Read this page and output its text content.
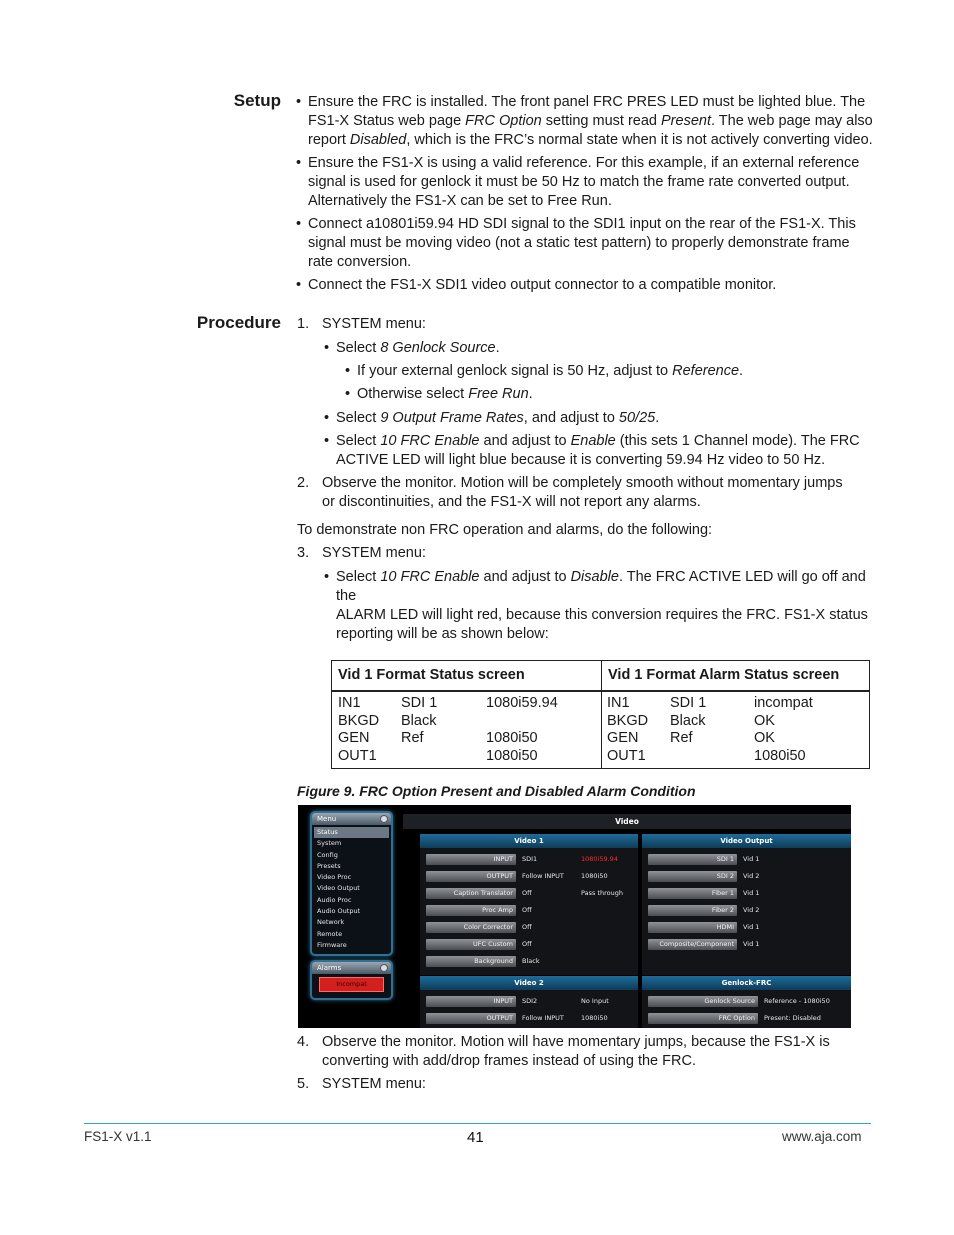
Setup
• Ensure the FRC is installed. The front panel FRC PRES LED must be lighted blue. The
FS1-X Status web page FRC Option setting must read Present. The web page may also
report Disabled, which is the FRC’s normal state when it is not actively converting video.
• Ensure the FS1-X is using a valid reference. For this example, if an external reference
signal is used for genlock it must be 50 Hz to match the frame rate converted output.
Alternatively the FS1-X can be set to Free Run.
• Connect a10801i59.94 HD SDI signal to the SDI1 input on the rear of the FS1-X. This
signal must be moving video (not a static test pattern) to properly demonstrate frame
rate conversion.
• Connect the FS1-X SDI1 video output connector to a compatible monitor.
Procedure 1. SYSTEM menu:
• Select 8 Genlock Source.
• If your external genlock signal is 50 Hz, adjust to Reference.
• Otherwise select Free Run.
• Select 9 Output Frame Rates, and adjust to 50/25.
• Select 10 FRC Enable and adjust to Enable (this sets 1 Channel mode). The FRC
ACTIVE LED will light blue because it is converting 59.94 Hz video to 50 Hz.
2. Observe the monitor. Motion will be completely smooth without momentary jumps
or discontinuities, and the FS1-X will not report any alarms.
To demonstrate non FRC operation and alarms, do the following:
3. SYSTEM menu:
• Select 10 FRC Enable and adjust to Disable. The FRC ACTIVE LED will go off and the
ALARM LED will light red, because this conversion requires the FRC. FS1-X status
reporting will be as shown below:
Vid 1 Format Status screen	Vid 1 Format Alarm Status screen
IN1
BKGD
GEN
OUT1
SDI 1
Black
Ref
1080i59.94
1080i50
1080i50
IN1
BKGD
GEN
OUT1
SDI 1
Black
Ref
incompat
OK
OK
1080i50
Figure 9. FRC Option Present and Disabled Alarm Condition
Menu
Status
System
Config
Presets
Video Proc
Video Output
Audio Proc
Audio Output
Network
Remote
Firmware
Alarms
Incompat
Video
Video 1
INPUT	SDI1	1080i59.94
OUTPUT	Follow INPUT	1080i50
Caption Translator	Off	Pass through
Proc Amp	Off
Color Corrector	Off
UFC Custom	Off
Background	Black
Video Output
SDI 1	Vid 1
SDI 2	Vid 2
Fiber 1	Vid 1
Fiber 2	Vid 2
HDMI	Vid 1
Composite/Component	Vid 1
Video 2
INPUT	SDI2	No Input
OUTPUT	Follow INPUT	1080i50
Genlock-FRC
Genlock Source	Reference - 1080i50
FRC Option	Present: Disabled
4. Observe the monitor. Motion will have momentary jumps, because the FS1-X is
converting with add/drop frames instead of using the FRC.
5. SYSTEM menu:
FS1-X v1.1	41	www.aja.com
